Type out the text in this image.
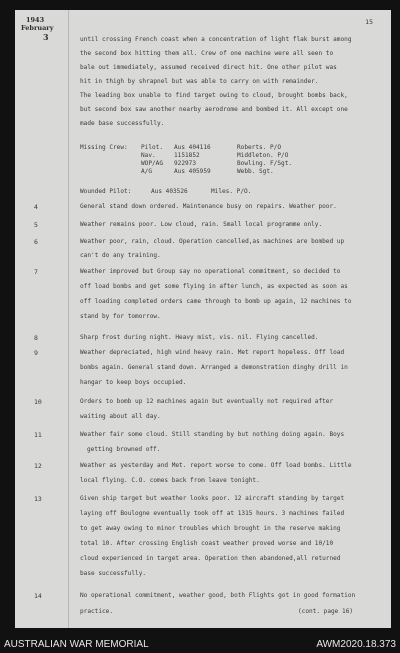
1943
February
3
15
until crossing French coast when a concentration of light flak burst among
the second box hitting them all. Crew of one machine were all seen to
bale out immediately, assumed received direct hit. One other pilot was
hit in thigh by shrapnel but was able to carry on with remainder.
The leading box unable to find target owing to cloud, brought bombs back,
but second box saw another nearby aerodrome and bombed it. All except one
made base successfully.
Missing Crew: Pilot. Aus 404116	Roberts. P/O
Nav.	1151852	Middleton. P/O
WOP/AG 922973	Bowling. F/Sgt.
A/G	Aus 405959	Webb. Sgt.
Wounded Pilot:	Aus 403526	Miles. P/O.
4	General stand down ordered. Maintenance busy on repairs. Weather poor.
5	Weather remains poor. Low cloud, rain. Small local programme only.
6	Weather poor, rain, cloud. Operation cancelled,as machines are bombed up
can't do any training.
7	Weather improved but Group say no operational commitment, so decided to
off load bombs and get some flying in after lunch, as expected as soon as
off loading completed orders came through to bomb up again, 12 machines to
stand by for tomorrow.
8	Sharp frost during night. Heavy mist, vis. nil. Flying cancelled.
9	Weather depreciated, high wind heavy rain. Met report hopeless. Off load
bombs again. General stand down. Arranged a demonstration dinghy drill in
hangar to keep boys occupied.
10	Orders to bomb up 12 machines again but eventually not required after
waiting about all day.
11	Weather fair some cloud. Still standing by but nothing doing again. Boys
getting browned off.
12	Weather as yesterday and Met. report worse to come. Off load bombs. Little
local flying. C.O. comes back from leave tonight.
13	Given ship target but weather looks poor. 12 aircraft standing by target
laying off Boulogne eventually took off at 1315 hours. 3 machines failed
to get away owing to minor troubles which brought in the reserve making
total 10. After crossing English coast weather proved worse and 10/10
cloud experienced in target area. Operation then abandoned,all returned
base successfully.
14	No operational commitment, weather good, both Flights got in good formation
practice.	(cont. page 16)
AUSTRALIAN WAR MEMORIAL	AWM2020.18.373
